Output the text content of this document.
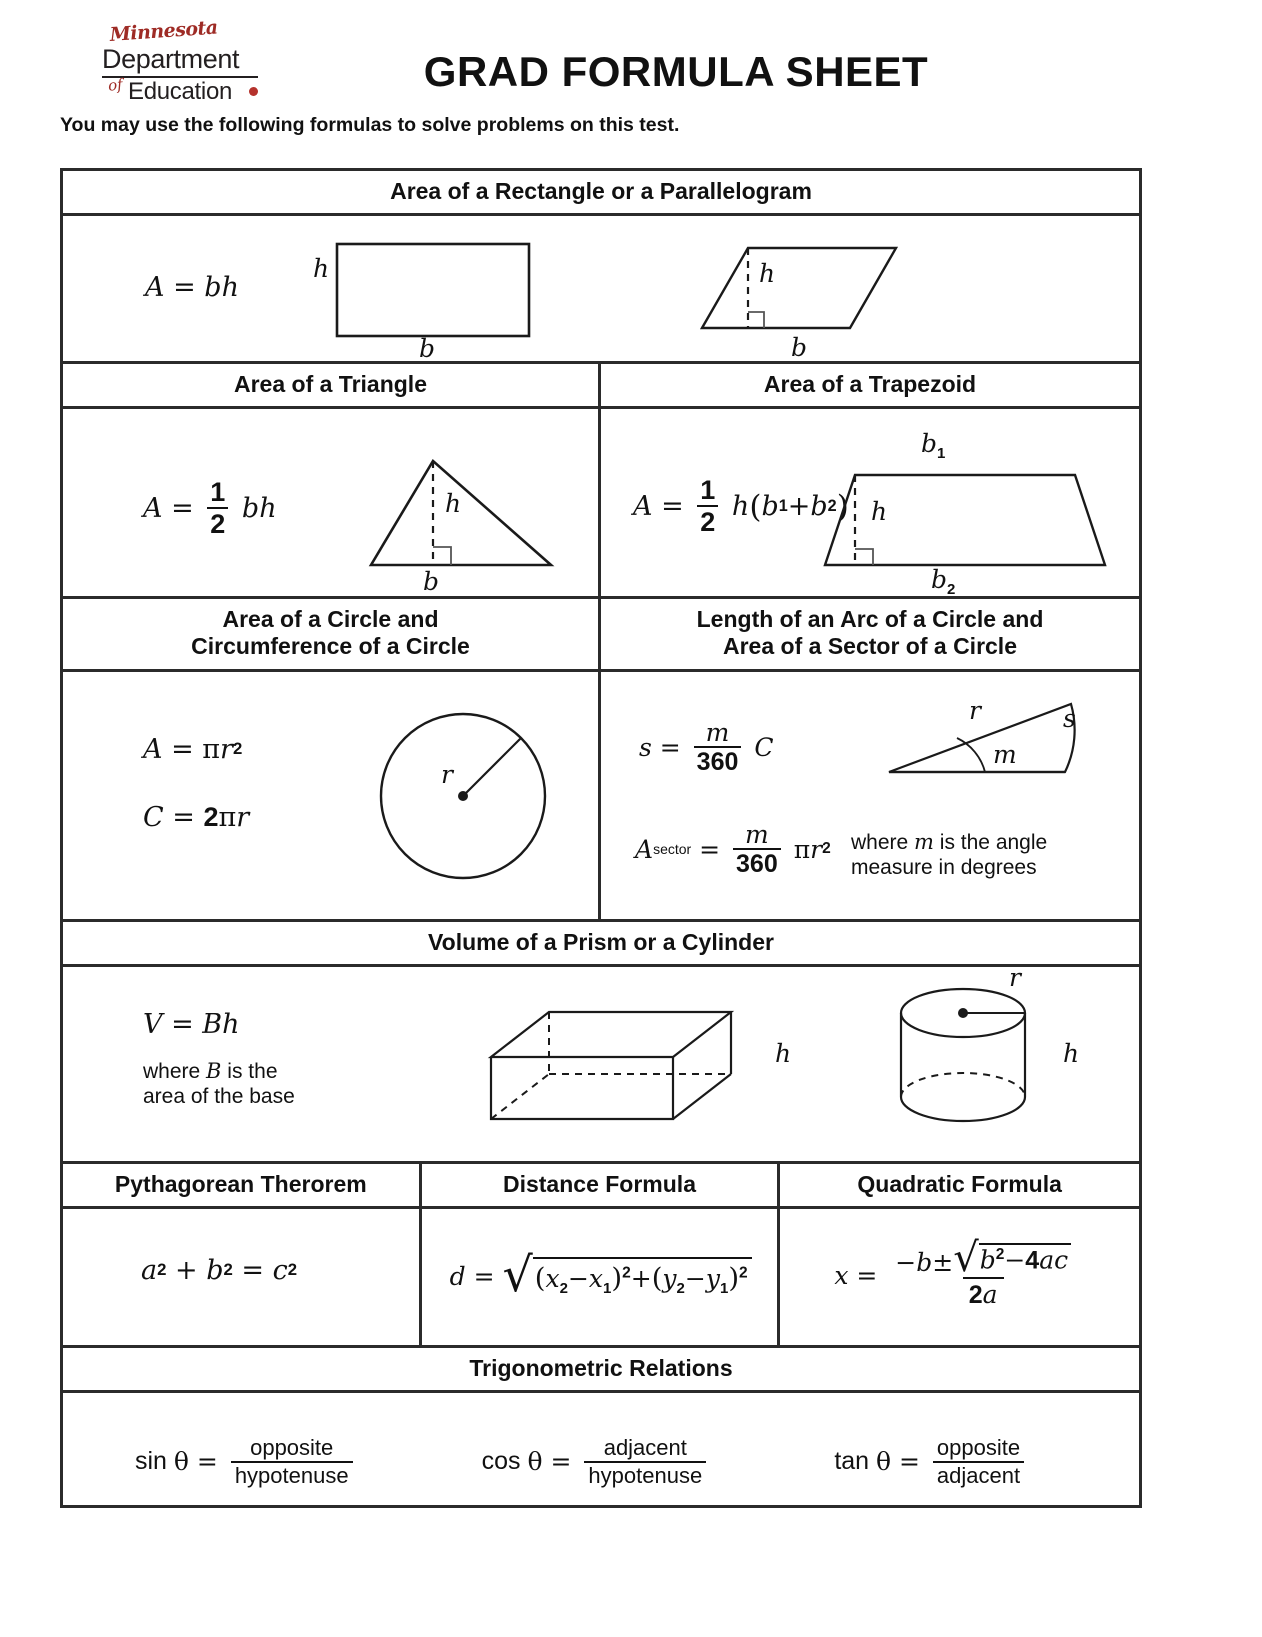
Minnesota
Department
of Education	GRAD FORMULA SHEET
You may use the following formulas to solve problems on this test.
Area of a Rectangle or a Parallelogram
A = bh
h
b
h
b
Area of a Triangle	Area of a Trapezoid
$A = \frac{1}{2}$ bh	h
b
$A = \frac{1}{2}$ h ( b 1 +b 2 )
$b_1$
h
$b_2$
Area of a Circle and
Circumference of a Circle
Length of an Arc of a Circle and
Area of a Sector of a Circle
A = π r 2
C = 2 π r
r
$s = \frac{m}{360}$ C
r
m
s
A sector = $\frac{m}{360}$
π r 2 where m is the angle
measure in degrees
Volume of a Prism or a Cylinder
V = Bh
where B is the
area of the base
h
r
h
Pythagorean Therorem	Distance Formula	Quadratic Formula
a 2 + b 2 = c 2	d = √ $(x_2-x_1)^2+(y_2-y_1)^2$	$x = \frac{-b\pm √ b^2-4ac}{2a}$
Trigonometric Relations
$\sin \theta = \frac{\text{opposite}}{\text{hypotenuse}}$	$\cos \theta = \frac{\text{adjacent}}{\text{hypotenuse}}$	$\tan \theta = \frac{\text{opposite}}{\text{adjacent}}$
